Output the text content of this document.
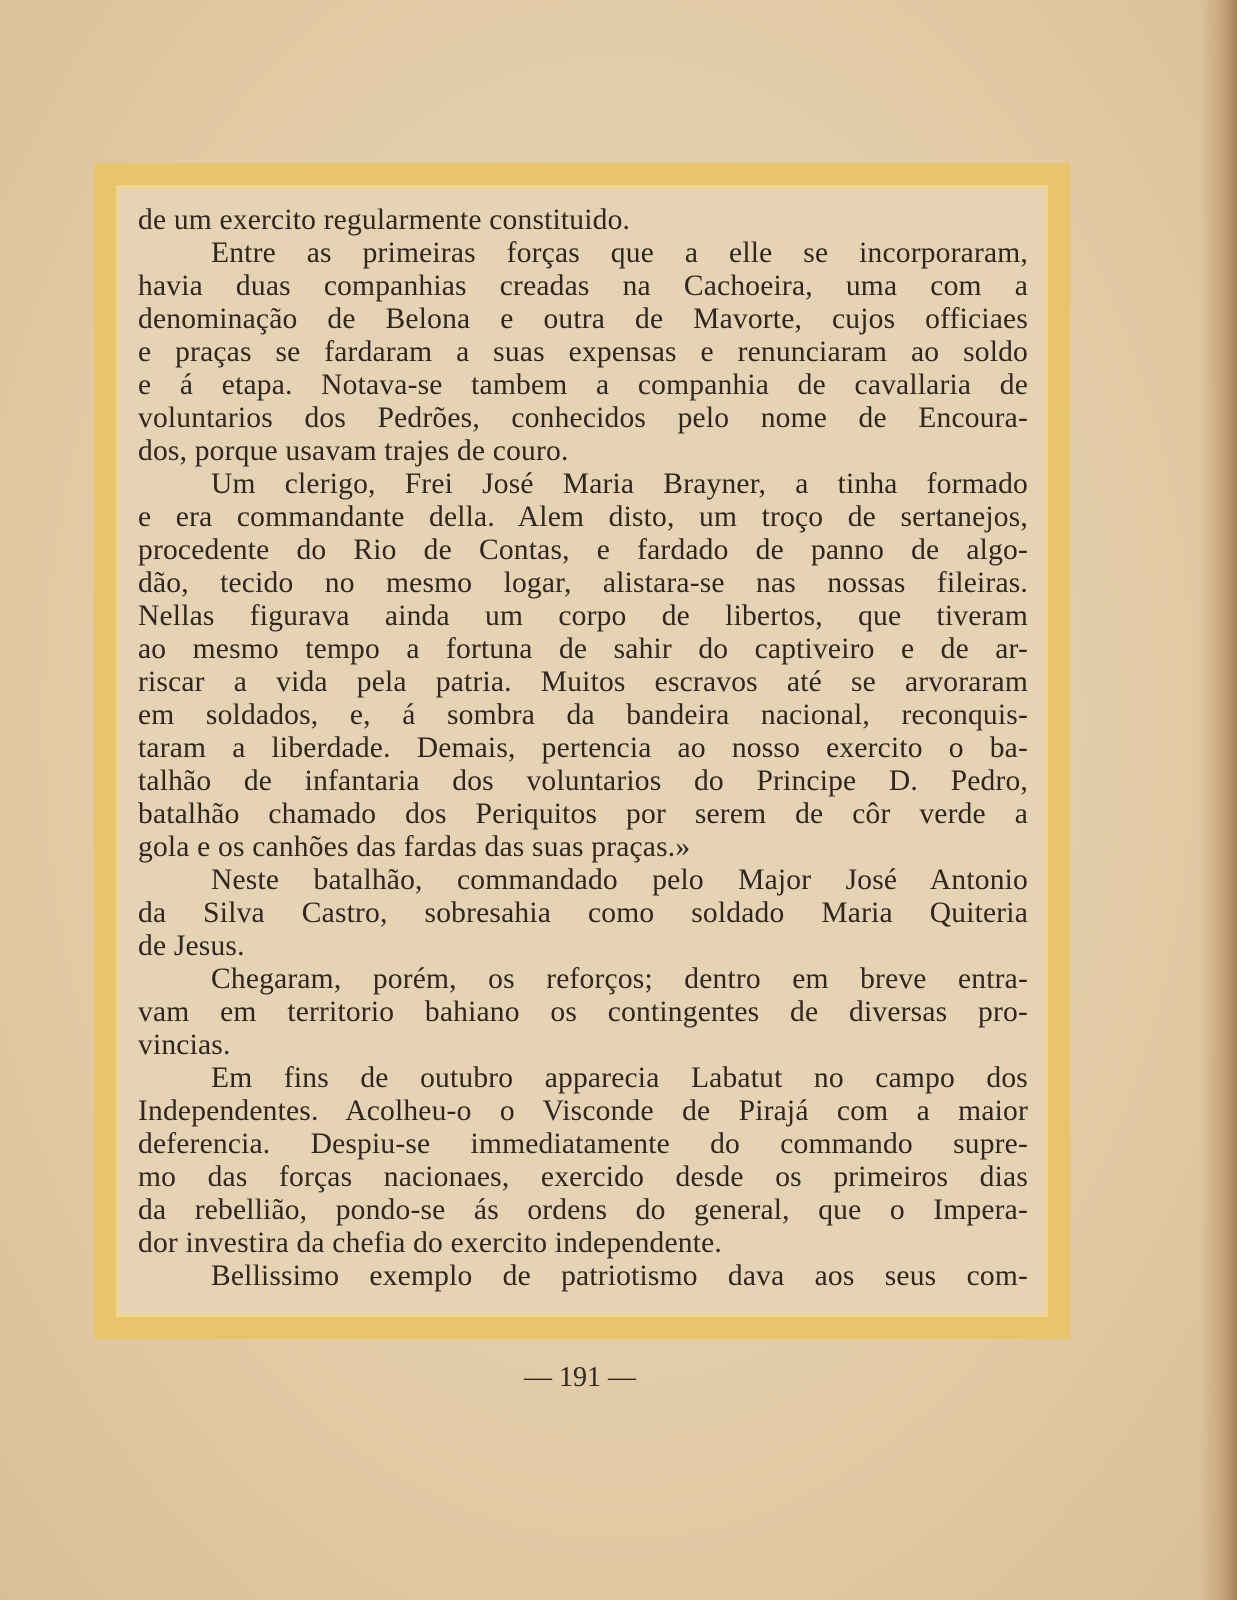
de um exercito regularmente constituido.
Entre as primeiras forças que a elle se incorporaram,
havia duas companhias creadas na Cachoeira, uma com a
denominação de Belona e outra de Mavorte, cujos officiaes
e praças se fardaram a suas expensas e renunciaram ao soldo
e á etapa. Notava-se tambem a companhia de cavallaria de
voluntarios dos Pedrões, conhecidos pelo nome de Encoura-
dos, porque usavam trajes de couro.
Um clerigo, Frei José Maria Brayner, a tinha formado
e era commandante della. Alem disto, um troço de sertanejos,
procedente do Rio de Contas, e fardado de panno de algo-
dão, tecido no mesmo logar, alistara-se nas nossas fileiras.
Nellas figurava ainda um corpo de libertos, que tiveram
ao mesmo tempo a fortuna de sahir do captiveiro e de ar-
riscar a vida pela patria. Muitos escravos até se arvoraram
em soldados, e, á sombra da bandeira nacional, reconquis-
taram a liberdade. Demais, pertencia ao nosso exercito o ba-
talhão de infantaria dos voluntarios do Principe D. Pedro,
batalhão chamado dos Periquitos por serem de côr verde a
gola e os canhões das fardas das suas praças.»
Neste batalhão, commandado pelo Major José Antonio
da Silva Castro, sobresahia como soldado Maria Quiteria
de Jesus.
Chegaram, porém, os reforços; dentro em breve entra-
vam em territorio bahiano os contingentes de diversas pro-
vincias.
Em fins de outubro apparecia Labatut no campo dos
Independentes. Acolheu-o o Visconde de Pirajá com a maior
deferencia. Despiu-se immediatamente do commando supre-
mo das forças nacionaes, exercido desde os primeiros dias
da rebellião, pondo-se ás ordens do general, que o Impera-
dor investira da chefia do exercito independente.
Bellissimo exemplo de patriotismo dava aos seus com-
— 191 —
